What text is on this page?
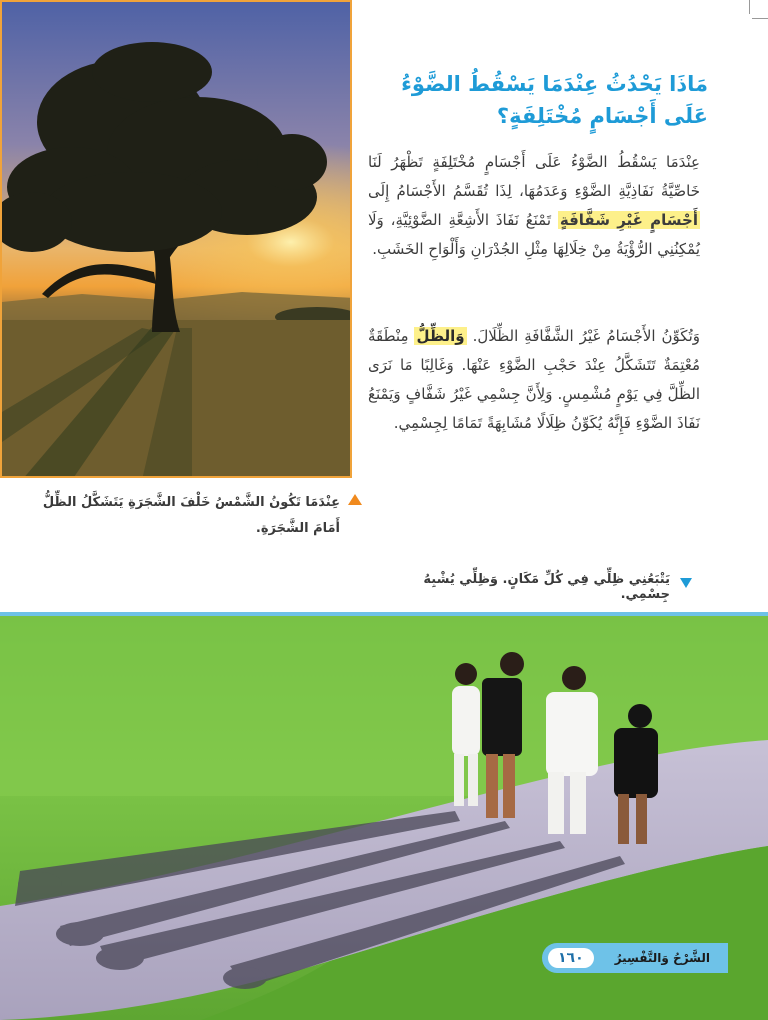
عِنْدَمَا تَكُونُ الشَّمْسُ خَلْفَ الشَّجَرَةِ يَتَشَكَّلُ الظِّلُّ أَمَامَ الشَّجَرَةِ.
مَاذَا يَحْدُثُ عِنْدَمَا يَسْقُطُ الضَّوْءُ عَلَى أَجْسَامٍ مُخْتَلِفَةٍ؟

عِنْدَمَا يَسْقُطُ الضَّوْءُ عَلَى أَجْسَامٍ مُخْتَلِفَةٍ تَظْهَرُ لَنَا خَاصِّيَّةُ نَفَاذِيَّةِ الضَّوْءِ وَعَدَمُهَا، لِذَا تُقَسَّمُ الأَجْسَامُ إِلَى أَجْسَامٍ غَيْرِ شَفَّافَةٍ تَمْنَعُ نَفَاذَ الأَشِعَّةِ الضَّوْئِيَّةِ، وَلَا يُمْكِنُنِي الرُّؤْيَةُ مِنْ خِلَالِهَا مِثْلِ الجُدْرَانِ وَأَلْوَاحِ الخَشَبِ.

وَتُكَوِّنُ الأَجْسَامُ غَيْرُ الشَّفَّافَةِ الظِّلَالَ. وَالظِّلُّ مِنْطَقَةٌ مُعْتِمَةٌ تَتَشَكَّلُ عِنْدَ حَجْبِ الضَّوْءِ عَنْهَا. وَغَالِبًا مَا نَرَى الظِّلَّ فِي يَوْمٍ مُشْمِسٍ. وَلِأَنَّ جِسْمِي غَيْرُ شَفَّافٍ وَيَمْنَعُ نَفَاذَ الضَّوْءِ فَإِنَّهُ يُكَوِّنُ ظِلَالًا مُشَابِهَةً تَمَامًا لِجِسْمِي.

يَتْبَعُنِي ظِلِّي فِي كُلِّ مَكَانٍ. وَظِلِّي يُشْبِهُ جِسْمِي.
الشَّرْحُ وَالتَّفْسِيرُ
١٦٠
